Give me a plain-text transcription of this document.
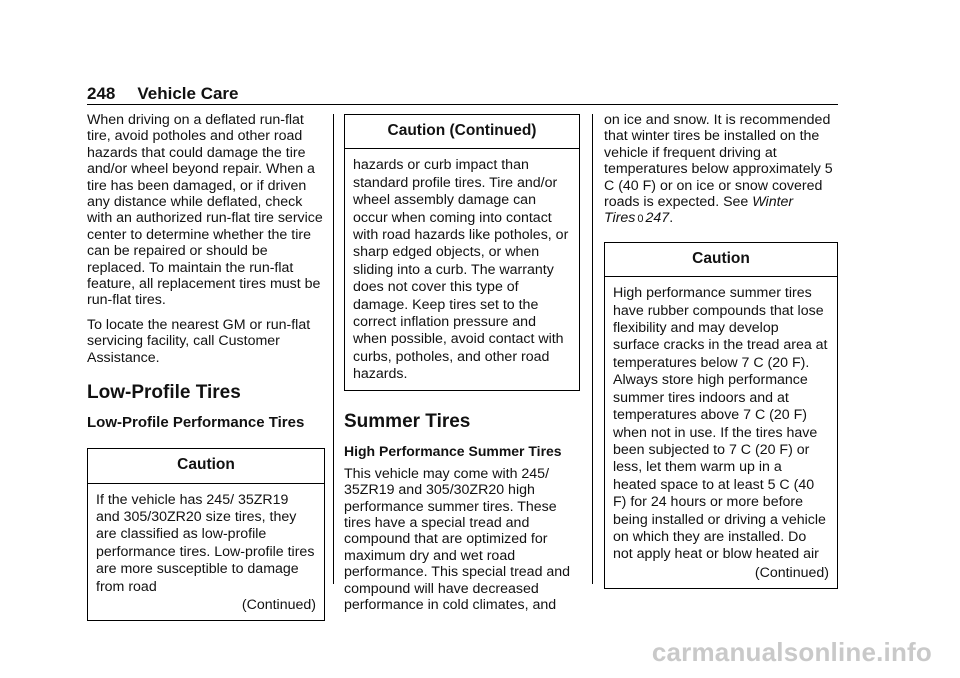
248 Vehicle Care

When driving on a deflated run-flat tire, avoid potholes and other road hazards that could damage the tire and/or wheel beyond repair. When a tire has been damaged, or if driven any distance while deflated, check with an authorized run-flat tire service center to determine whether the tire can be repaired or should be replaced. To maintain the run-flat feature, all replacement tires must be run-flat tires.

To locate the nearest GM or run-flat servicing facility, call Customer Assistance.

Low-Profile Tires
Low-Profile Performance Tires
Caution
If the vehicle has 245/ 35ZR19 and 305/30ZR20 size tires, they are classified as low-profile performance tires. Low-profile tires are more susceptible to damage from road
(Continued)
Caution (Continued)
hazards or curb impact than standard profile tires. Tire and/or wheel assembly damage can occur when coming into contact with road hazards like potholes, or sharp edged objects, or when sliding into a curb. The warranty does not cover this type of damage. Keep tires set to the correct inflation pressure and when possible, avoid contact with curbs, potholes, and other road hazards.
Summer Tires
High Performance Summer Tires

This vehicle may come with 245/ 35ZR19 and 305/30ZR20 high performance summer tires. These tires have a special tread and compound that are optimized for maximum dry and wet road performance. This special tread and compound will have decreased performance in cold climates, and

on ice and snow. It is recommended that winter tires be installed on the vehicle if frequent driving at temperatures below approximately 5 C (40 F) or on ice or snow covered roads is expected. See Winter Tires 0 247.

Caution
High performance summer tires have rubber compounds that lose flexibility and may develop surface cracks in the tread area at temperatures below 7 C (20 F). Always store high performance summer tires indoors and at temperatures above 7 C (20 F) when not in use. If the tires have been subjected to 7 C (20 F) or less, let them warm up in a heated space to at least 5 C (40 F) for 24 hours or more before being installed or driving a vehicle on which they are installed. Do not apply heat or blow heated air
(Continued)
carmanualsonline.info
